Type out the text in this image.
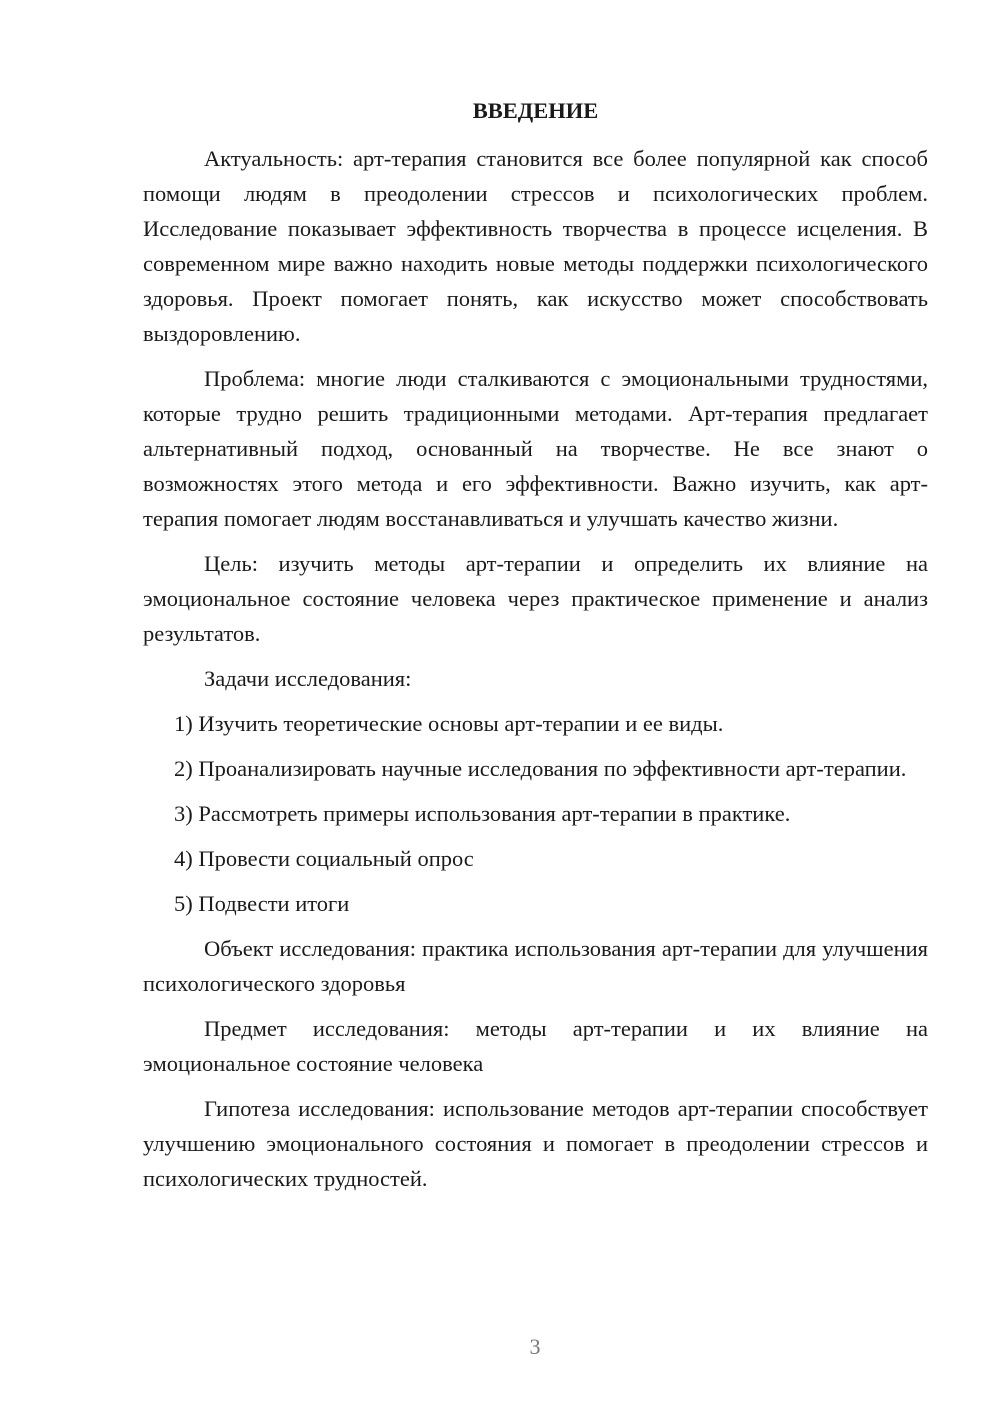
ВВЕДЕНИЕ

Актуальность: арт-терапия становится все более популярной как способ помощи людям в преодолении стрессов и психологических проблем. Исследование показывает эффективность творчества в процессе исцеления. В современном мире важно находить новые методы поддержки психологического здоровья. Проект помогает понять, как искусство может способствовать выздоровлению.

Проблема: многие люди сталкиваются с эмоциональными трудностями, которые трудно решить традиционными методами. Арт-терапия предлагает альтернативный подход, основанный на творчестве. Не все знают о возможностях этого метода и его эффективности. Важно изучить, как арт-терапия помогает людям восстанавливаться и улучшать качество жизни.

Цель: изучить методы арт-терапии и определить их влияние на эмоциональное состояние человека через практическое применение и анализ результатов.

Задачи исследования:

1) Изучить теоретические основы арт-терапии и ее виды.

2) Проанализировать научные исследования по эффективности арт-терапии.

3) Рассмотреть примеры использования арт-терапии в практике.

4) Провести социальный опрос

5) Подвести итоги

Объект исследования: практика использования арт-терапии для улучшения психологического здоровья

Предмет исследования: методы арт-терапии и их влияние на эмоциональное состояние человека

Гипотеза исследования: использование методов арт-терапии способствует улучшению эмоционального состояния и помогает в преодолении стрессов и психологических трудностей.

3
